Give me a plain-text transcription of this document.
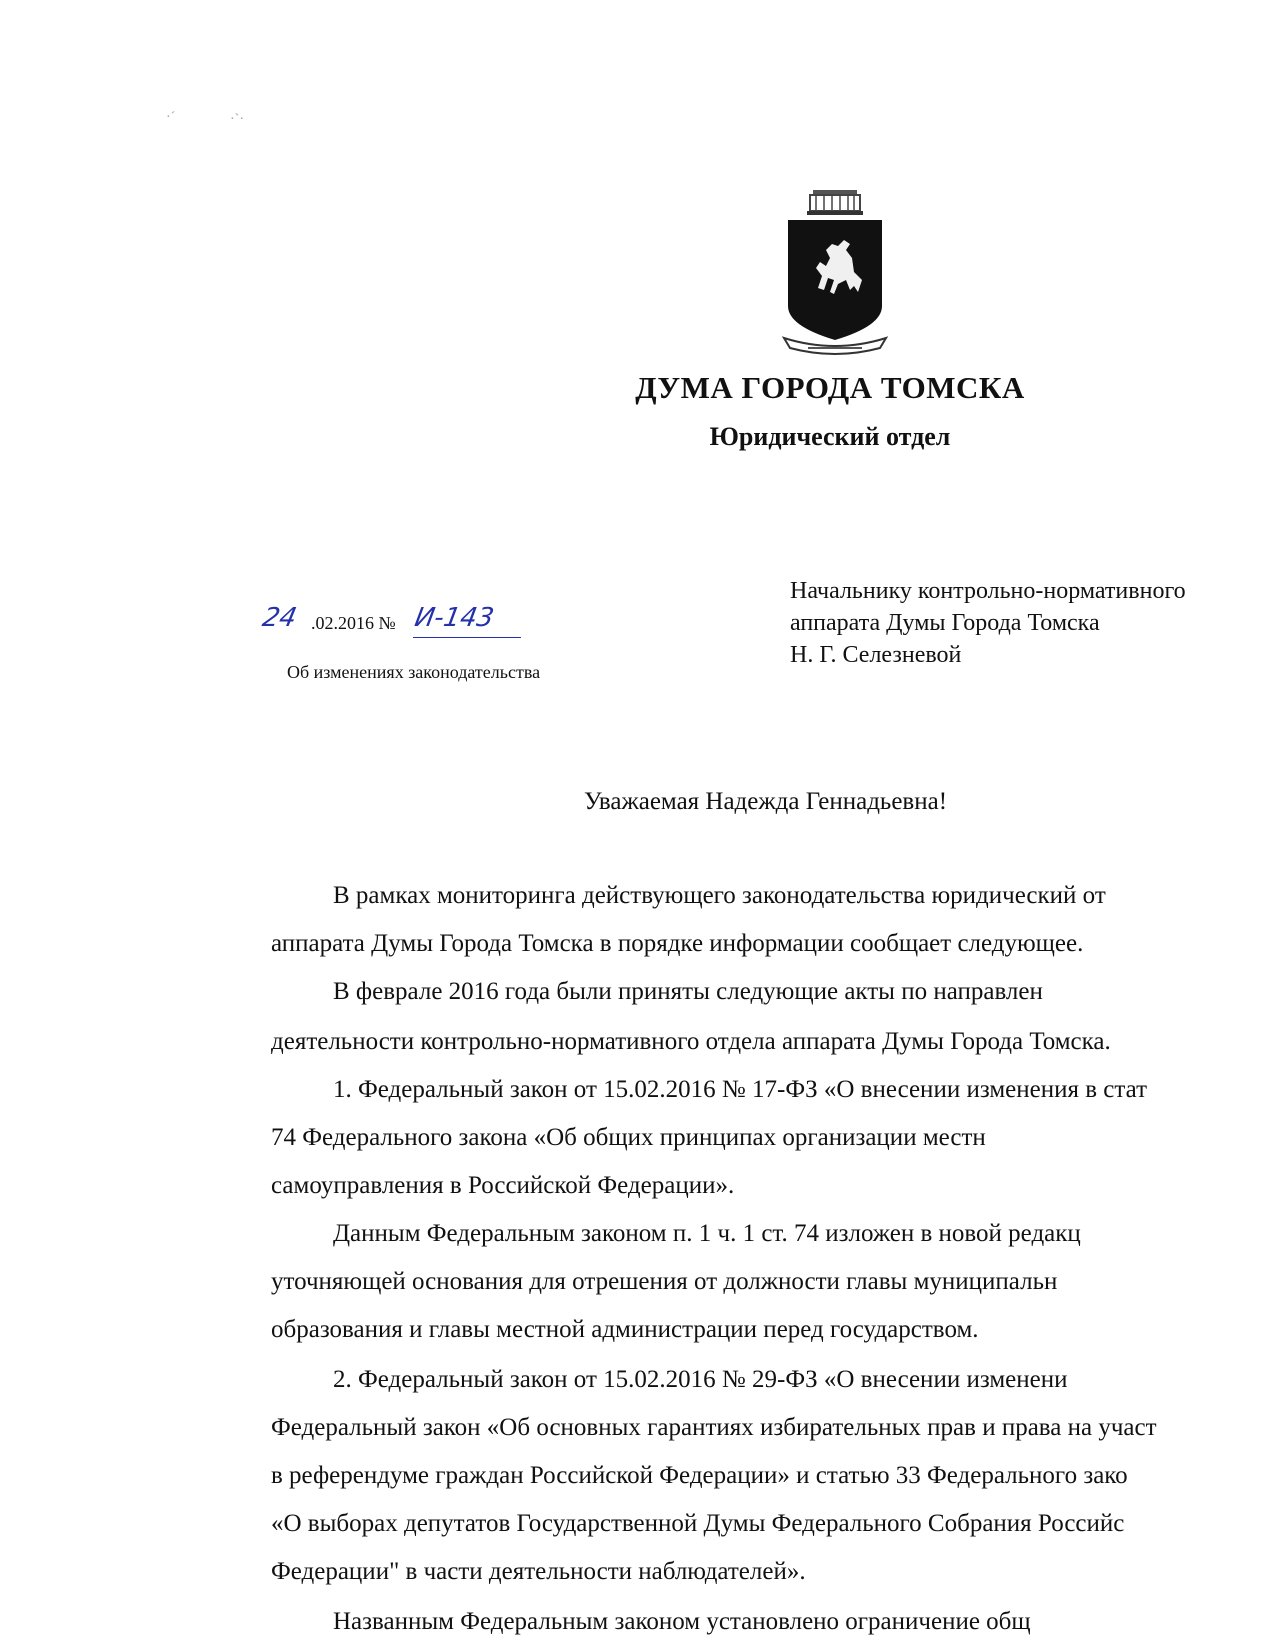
·ˊ	·ˋ·
ДУМА ГОРОДА ТОМСКА
Юридический отдел
24 .02.2016 № И-143
Об изменениях законодательства
Начальнику контрольно-нормативного
аппарата Думы Города Томска
Н. Г. Селезневой
Уважаемая Надежда Геннадьевна!
В рамках мониторинга действующего законодательства юридический от
аппарата Думы Города Томска в порядке информации сообщает следующее.
В феврале 2016 года были приняты следующие акты по направлен
деятельности контрольно-нормативного отдела аппарата Думы Города Томска.
1. Федеральный закон от 15.02.2016 № 17-ФЗ «О внесении изменения в стат
74 Федерального закона «Об общих принципах организации местн
самоуправления в Российской Федерации».
Данным Федеральным законом п. 1 ч. 1 ст. 74 изложен в новой редакц
уточняющей основания для отрешения от должности главы муниципальн
образования и главы местной администрации перед государством.
2. Федеральный закон от 15.02.2016 № 29-ФЗ «О внесении изменени
Федеральный закон «Об основных гарантиях избирательных прав и права на участ
в референдуме граждан Российской Федерации» и статью 33 Федерального зако
«О выборах депутатов Государственной Думы Федерального Собрания Российс
Федерации" в части деятельности наблюдателей».
Названным Федеральным законом установлено ограничение общ
